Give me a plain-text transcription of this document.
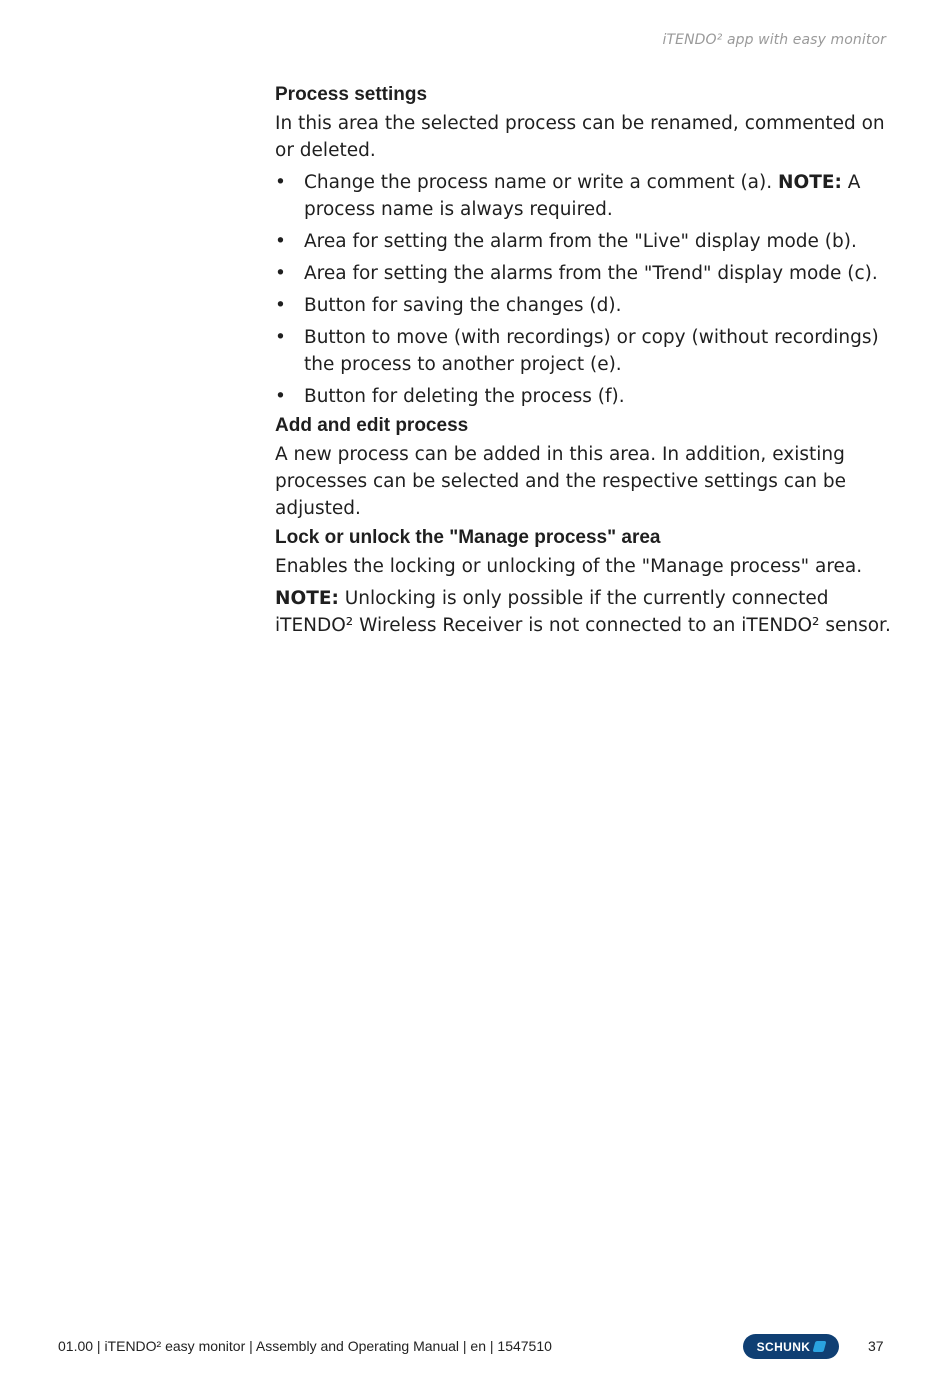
iTENDO² app with easy monitor
Process settings

In this area the selected process can be renamed, commented on or deleted.

• Change the process name or write a comment (a). NOTE: A process name is always required.
• Area for setting the alarm from the "Live" display mode (b).
• Area for setting the alarms from the "Trend" display mode (c).
• Button for saving the changes (d).
• Button to move (with recordings) or copy (without recordings) the process to another project (e).
• Button for deleting the process (f).
Add and edit process

A new process can be added in this area. In addition, existing processes can be selected and the respective settings can be adjusted.

Lock or unlock the "Manage process" area

Enables the locking or unlocking of the "Manage process" area.

NOTE: Unlocking is only possible if the currently connected iTENDO² Wireless Receiver is not connected to an iTENDO² sensor.

01.00 | iTENDO² easy monitor | Assembly and Operating Manual | en | 1547510	SCHUNK	37
